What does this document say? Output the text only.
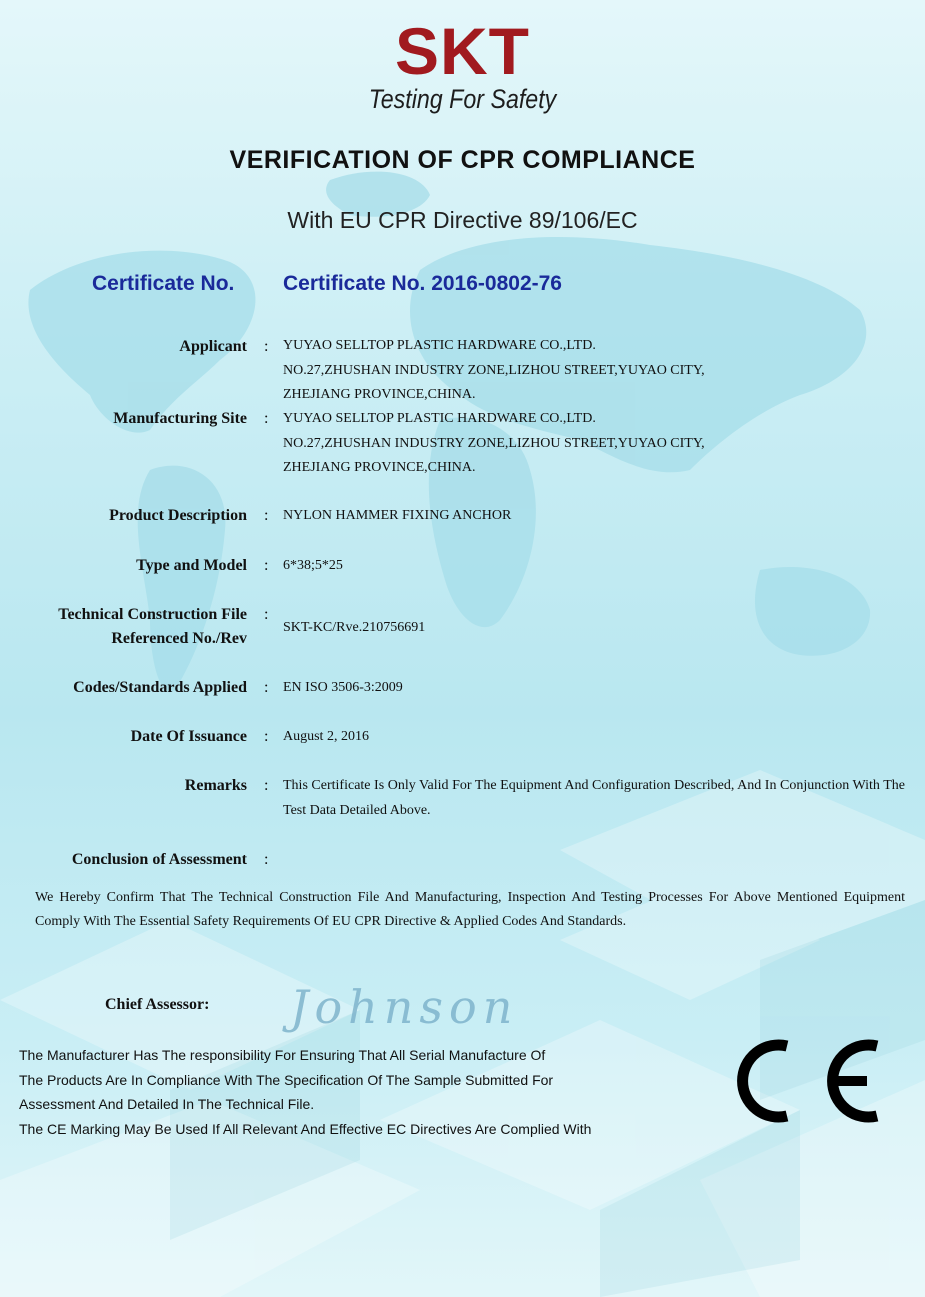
SKT
Testing For Safety
VERIFICATION OF CPR COMPLIANCE
With EU CPR Directive 89/106/EC
Certificate No. Certificate No. 2016-0802-76
Applicant : YUYAO SELLTOP PLASTIC HARDWARE CO.,LTD.
NO.27,ZHUSHAN INDUSTRY ZONE,LIZHOU STREET,YUYAO CITY,
ZHEJIANG PROVINCE,CHINA.
Manufacturing Site : YUYAO SELLTOP PLASTIC HARDWARE CO.,LTD.
NO.27,ZHUSHAN INDUSTRY ZONE,LIZHOU STREET,YUYAO CITY,
ZHEJIANG PROVINCE,CHINA.
Product Description : NYLON HAMMER FIXING ANCHOR
Type and Model : 6*38;5*25
Technical Construction File
Referenced No./Rev
:
SKT-KC/Rve.210756691
Codes/Standards Applied : EN ISO 3506-3:2009
Date Of Issuance : August 2, 2016
Remarks : This Certificate Is Only Valid For The Equipment And Configuration Described, And In Conjunction With The Test Data Detailed Above.
Conclusion of Assessment :
We Hereby Confirm That The Technical Construction File And Manufacturing, Inspection And Testing Processes For Above Mentioned Equipment Comply With The Essential Safety Requirements Of EU CPR Directive & Applied Codes And Standards.
Chief Assessor: Johnson
The Manufacturer Has The responsibility For Ensuring That All Serial Manufacture Of
The Products Are In Compliance With The Specification Of The Sample Submitted For
Assessment And Detailed In The Technical File.
The CE Marking May Be Used If All Relevant And Effective EC Directives Are Complied With
